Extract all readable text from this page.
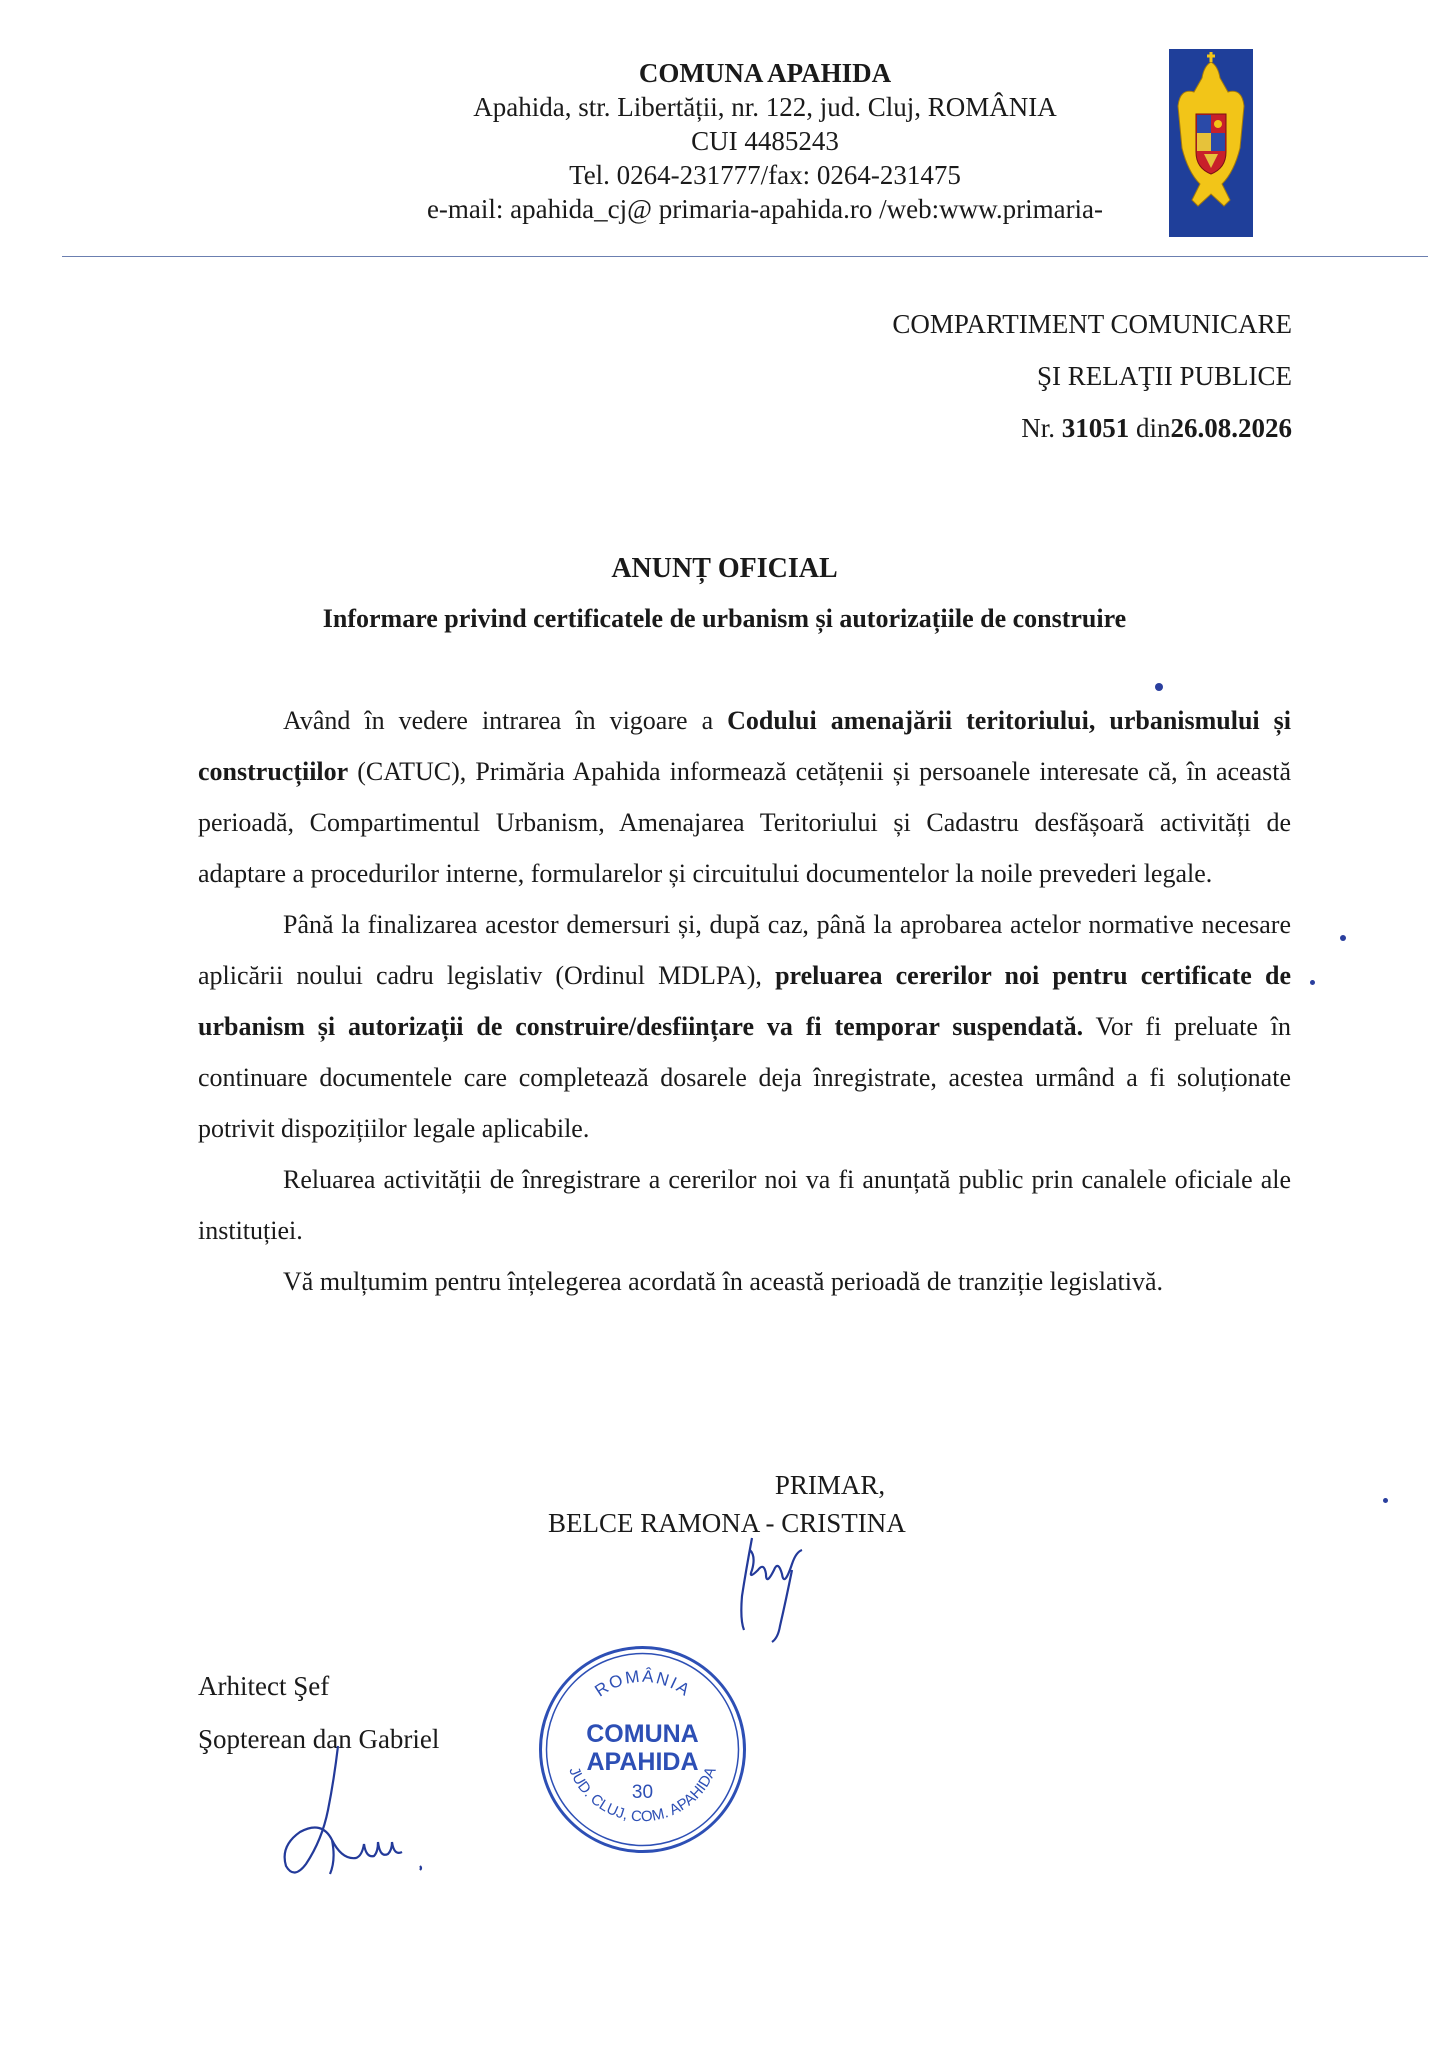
COMUNA APAHIDA
Apahida, str. Libertății, nr. 122, jud. Cluj, ROMÂNIA
CUI 4485243
Tel. 0264-231777/fax: 0264-231475
e-mail: apahida_cj@ primaria-apahida.ro /web:www.primaria-
COMPARTIMENT COMUNICARE
ŞI RELAŢII PUBLICE
Nr. 31051 din26.08.2026
ANUNȚ OFICIAL
Informare privind certificatele de urbanism și autorizațiile de construire

Având în vedere intrarea în vigoare a Codului amenajării teritoriului, urbanismului și construcțiilor (CATUC), Primăria Apahida informează cetățenii și persoanele interesate că, în această perioadă, Compartimentul Urbanism, Amenajarea Teritoriului și Cadastru desfășoară activități de adaptare a procedurilor interne, formularelor și circuitului documentelor la noile prevederi legale.

Până la finalizarea acestor demersuri și, după caz, până la aprobarea actelor normative necesare aplicării noului cadru legislativ (Ordinul MDLPA), preluarea cererilor noi pentru certificate de urbanism și autorizații de construire/desființare va fi temporar suspendată. Vor fi preluate în continuare documentele care completează dosarele deja înregistrate, acestea urmând a fi soluționate potrivit dispozițiilor legale aplicabile.

Reluarea activității de înregistrare a cererilor noi va fi anunțată public prin canalele oficiale ale instituției.

Vă mulțumim pentru înțelegerea acordată în această perioadă de tranziție legislativă.

PRIMAR,
BELCE RAMONA - CRISTINA
Arhitect Şef
Şopterean dan Gabriel
ROMÂNIA
COMUNA
APAHIDA
30
JUD. CLUJ, COM. APAHIDA
